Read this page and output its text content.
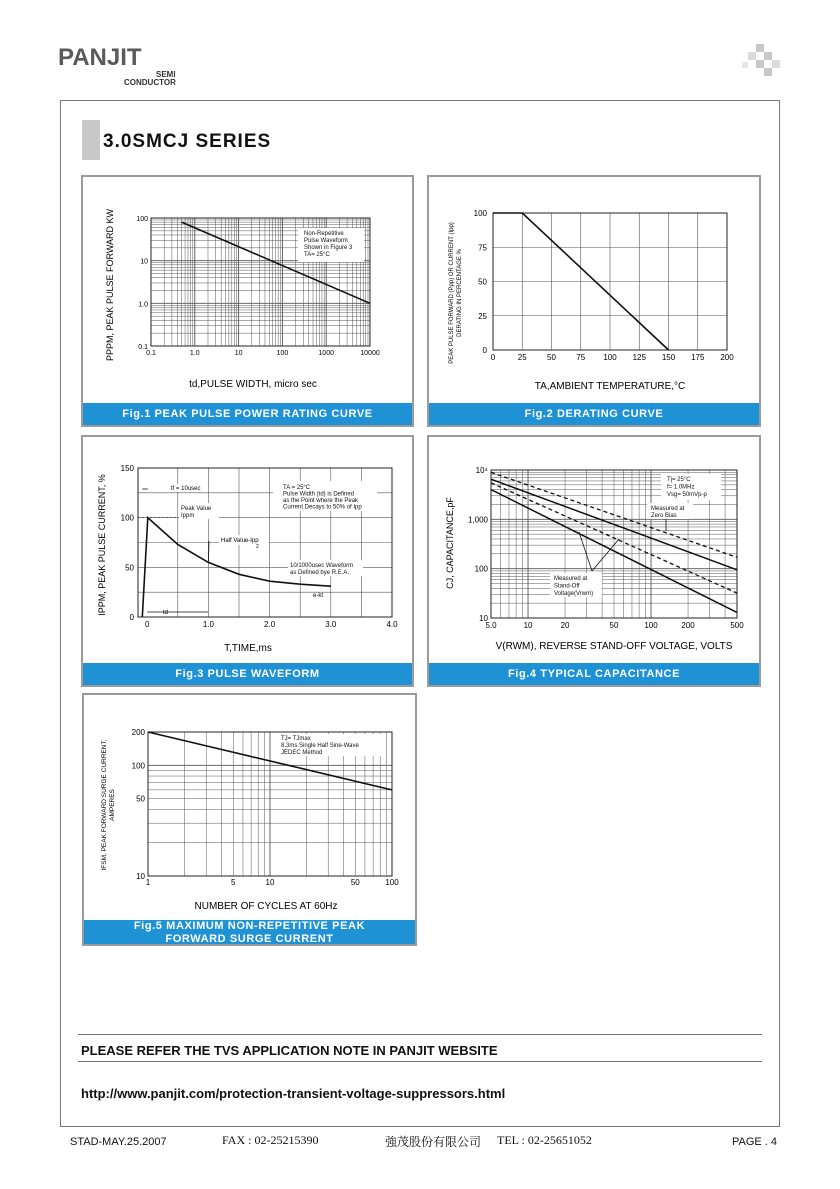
PANJIT
SEMI
CONDUCTOR
3.0SMCJ SERIES
Non-Repetitive
Pulse Waveform
Shown in Figure 3
TA= 25°C
0.1	1.0	10	100	1000	10000
0.1
1.0
10
100
td,PULSE WIDTH, micro sec
PPPM, PEAK PULSE FORWARD KW
Fig.1 PEAK PULSE POWER RATING CURVE
0	25	50	75 100 125 150 175 200
0
25
50
75
100
TA,AMBIENT TEMPERATURE,°C
PEAK PULSE FORWARD (Ppp) OR CURRENT (Ipp) DERATING IN PERCENTAGE %
Fig.2 DERATING CURVE
0	1.0	2.0	3.0	4.0
0
50
100
150
TA = 25°C
Pulse Width (td) is Defined
as the Point where the Peak
Current Decays to 50% of Ipp
tf = 10usec
Peak Value
Ippm
Half Value-Ipp
2
10/1000usec Waveform
as Defined bye R.E.A.
e-kt
td
T,TIME,ms
IPPM, PEAK PULSE CURRENT, %
Fig.3 PULSE WAVEFORM
5.0	10	20	50	100	200	500
10
100
1,000
10⁴
Tj= 25°C
f= 1.0MHz
Vsg= 50mVp-p
Measured at
Zero Bias
Measured at
Stand-Off
Voltage(Vrwm)
V(RWM), REVERSE STAND-OFF VOLTAGE, VOLTS
CJ, CAPACITANCE,pF
Fig.4 TYPICAL CAPACITANCE
TJ= TJmax
8.3ms Single Half Sine-Wave
JEDEC Method
1	5	10	50	100
10
50
100
200
NUMBER OF CYCLES AT 60Hz
IFSM, PEAK FORWARD SURGE CURRENT, AMPERES
Fig.5 MAXIMUM NON-REPETITIVE PEAK
FORWARD SURGE CURRENT
PLEASE REFER THE TVS APPLICATION NOTE IN PANJIT WEBSITE
http://www.panjit.com/protection-transient-voltage-suppressors.html
STAD-MAY.25.2007	FAX : 02-25215390	強茂股份有限公司 TEL : 02-25651052	PAGE . 4
